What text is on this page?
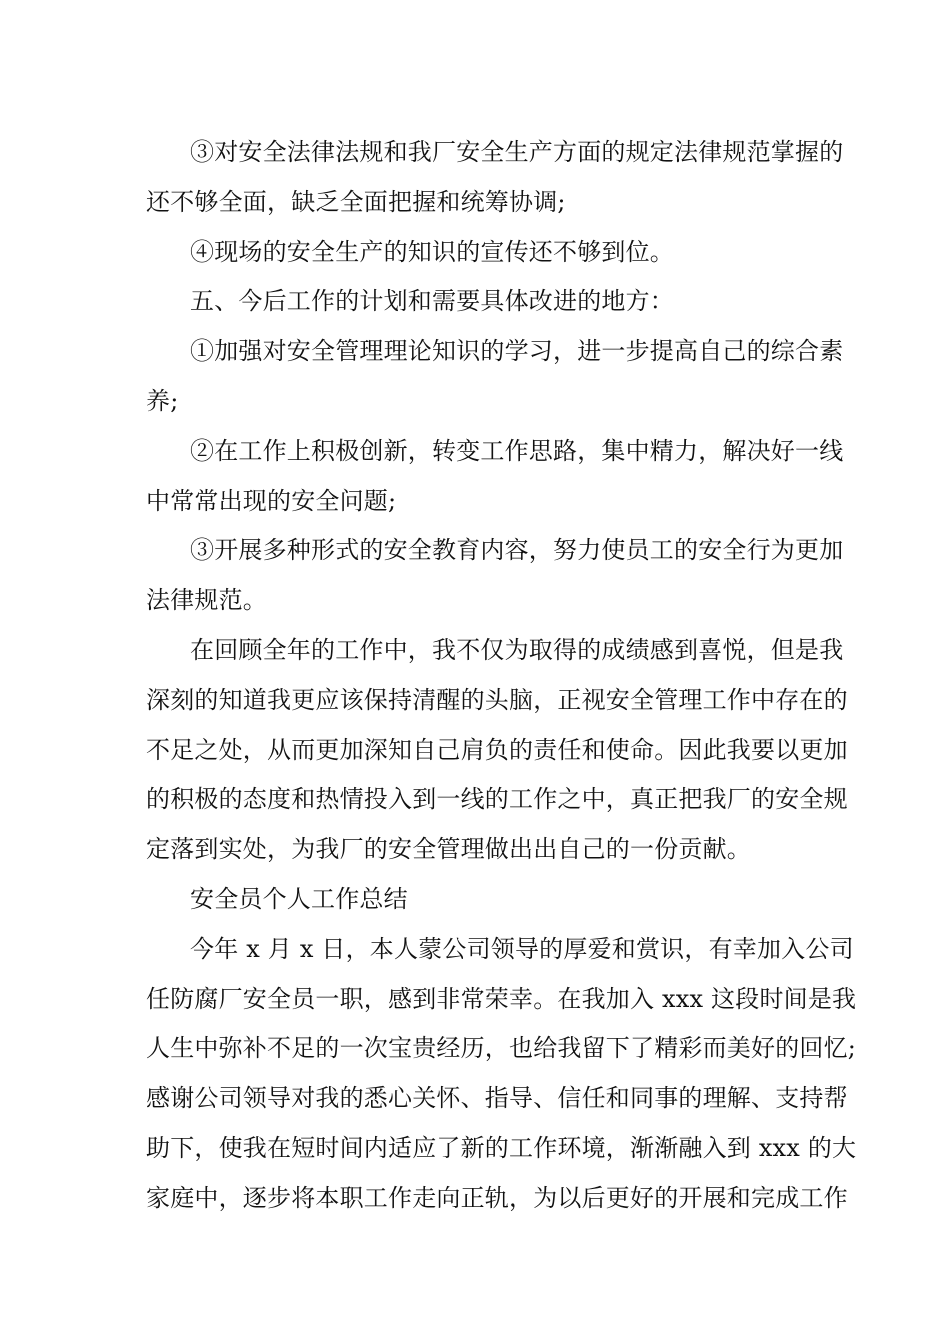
③对安全法律法规和我厂安全生产方面的规定法律规范掌握的
还不够全面，缺乏全面把握和统筹协调;
④现场的安全生产的知识的宣传还不够到位。
五、今后工作的计划和需要具体改进的地方：
①加强对安全管理理论知识的学习，进一步提高自己的综合素
养;
②在工作上积极创新，转变工作思路，集中精力，解决好一线
中常常出现的安全问题;
③开展多种形式的安全教育内容，努力使员工的安全行为更加
法律规范。
在回顾全年的工作中，我不仅为取得的成绩感到喜悦，但是我
深刻的知道我更应该保持清醒的头脑，正视安全管理工作中存在的
不足之处，从而更加深知自己肩负的责任和使命。因此我要以更加
的积极的态度和热情投入到一线的工作之中，真正把我厂的安全规
定落到实处，为我厂的安全管理做出出自己的一份贡献。
安全员个人工作总结
今年 x 月 x 日，本人蒙公司领导的厚爱和赏识，有幸加入公司
任防腐厂安全员一职，感到非常荣幸。在我加入 xxx 这段时间是我
人生中弥补不足的一次宝贵经历，也给我留下了精彩而美好的回忆;
感谢公司领导对我的悉心关怀、指导、信任和同事的理解、支持帮
助下，使我在短时间内适应了新的工作环境，渐渐融入到 xxx 的大
家庭中，逐步将本职工作走向正轨，为以后更好的开展和完成工作
